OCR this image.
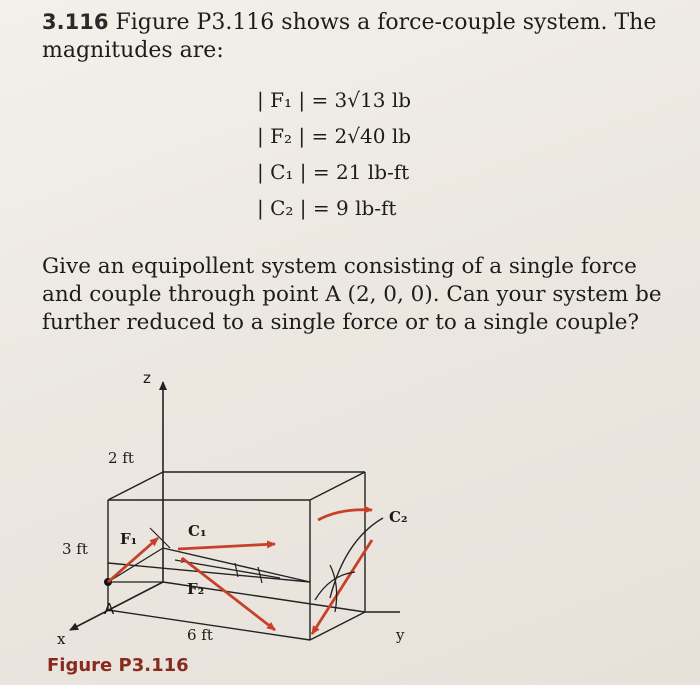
3.116 Figure P3.116 shows a force-couple system. The magnitudes are:
| F₁ | = 3√13 lb
| F₂ | = 2√40 lb
| C₁ | = 21 lb-ft
| C₂ | = 9 lb-ft
Give an equipollent system consisting of a single force and couple through point A (2, 0, 0). Can your system be further reduced to a single force or to a single couple?
z
x	y
2 ft
3 ft
6 ft
A
F₁	C₁
F₂
C₂
Figure P3.116
